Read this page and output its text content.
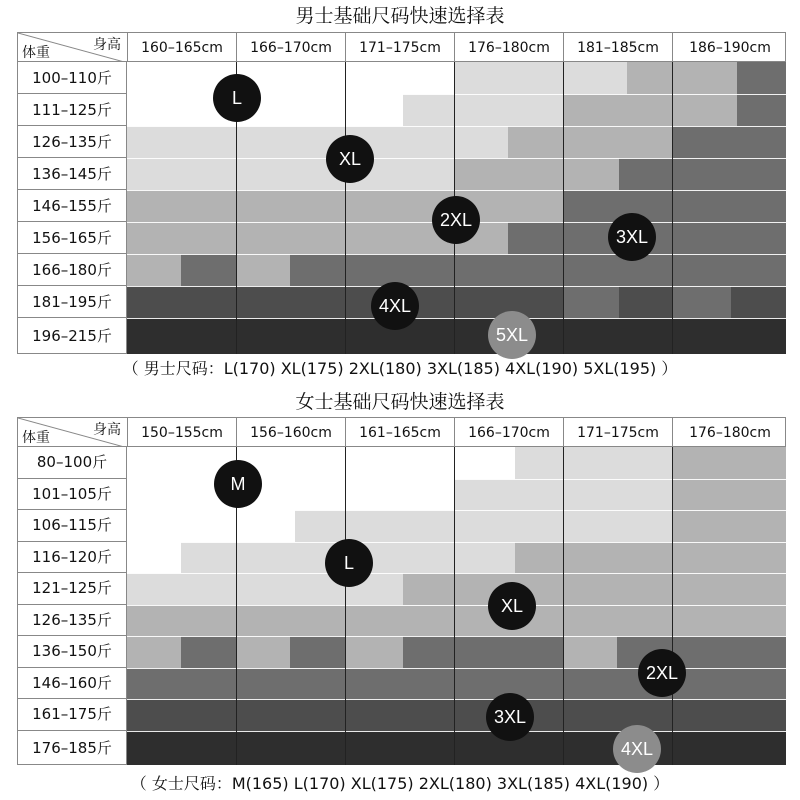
男士基础尺码快速选择表
身高
体重	160–165cm	166–170cm	171–175cm	176–180cm	181–185cm	186–190cm
100–110斤
111–125斤
126–135斤
136–145斤
146–155斤
156–165斤
166–180斤
181–195斤
196–215斤
L
XL
2XL
3XL
4XL
5XL
（ 男士尺码：L(170) XL(175) 2XL(180) 3XL(185) 4XL(190) 5XL(195) ）
女士基础尺码快速选择表
身高
体重	150–155cm	156–160cm	161–165cm	166–170cm	171–175cm	176–180cm
80–100斤
101–105斤
106–115斤
116–120斤
121–125斤
126–135斤
136–150斤
146–160斤
161–175斤
176–185斤
M
L
XL
2XL
3XL
4XL
（ 女士尺码：M(165) L(170) XL(175) 2XL(180) 3XL(185) 4XL(190) ）
